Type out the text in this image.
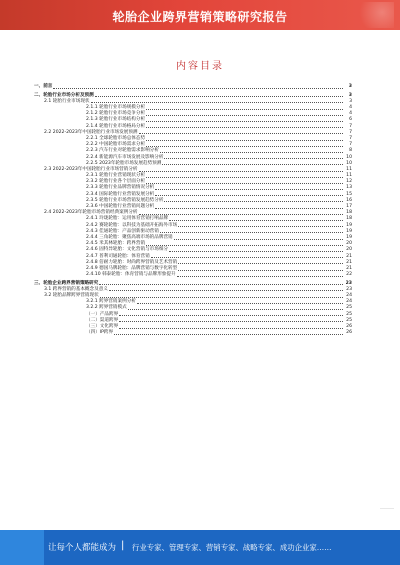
轮胎企业跨界营销策略研究报告
内容目录
一、前言	3
二、轮胎行业市场分析及预测	3
2.1 轮胎行业市场现状	3
2.1.1 轮胎行业市场规模分析	4
2.1.2 轮胎行业市场竞争分析	4
2.1.3 轮胎行业市场结构分析	6
2.1.4 轮胎行业市场格局分析	7
2.2 2022-2023年中国轮胎行业市场发展预测	7
2.2.1 全球轮胎市场总体态势	7
2.2.2 中国轮胎市场需求分析	7
2.2.3 汽车行业对轮胎需求影响分析	8
2.2.4 新能源汽车市场发展及影响分析	10
2.2.5 2023年轮胎市场发展趋势预测	10
2.3 2022-2023年中国轮胎行业市场营销分析	11
2.3.1 轮胎行业营销现状分析	11
2.3.2 轮胎行业各个层面分析	12
2.3.3 轮胎行业品牌营销情况分析	13
2.3.4 国际轮胎行业营销发展分析	15
2.3.5 轮胎行业市场营销发展趋势分析	16
2.3.6 中国轮胎行业营销问题分析	17
2.4 2022-2023年轮胎市场营销经典案例分析	18
2.4.1 玲珑轮胎：运用体育营销打响品牌	18
2.4.2 赛轮轮胎：以科技为基础开拓海外市场	19
2.4.3 佳通轮胎：产品创新驱动营销	19
2.4.4 三角轮胎：聚焦高端市场的品牌营销	19
2.4.5 米其林轮胎：跨界营销	20
2.4.6 固特异轮胎：文化营销与市场细分	20
2.4.7 普利司通轮胎：体育营销	21
2.4.8 倍耐力轮胎：时尚跨界营销及艺术营销	21
2.4.9 德国马牌轮胎：品牌营销与数字化转型	21
2.4.10 韩泰轮胎：体育营销与品牌形象提升	22
三、轮胎企业跨界营销策略研究	23
3.1 跨界营销的基本概念及意义	23
3.2 轮胎品牌跨界营销现状	24
3.2.1 跨界营销案例分析	24
3.2.2 跨界营销模式	25
（一）产品跨界	25
（二）渠道跨界	25
（三）文化跨界	26
（四）IP跨界	26
让每个人都能成为 | 行业专家、管理专家、营销专家、战略专家、成功企业家……
